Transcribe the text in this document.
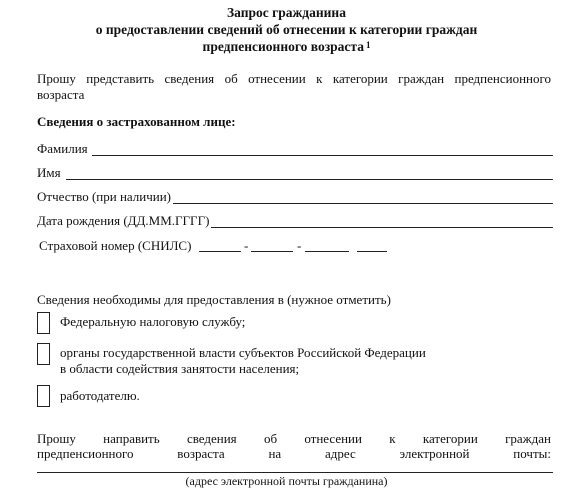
Запрос гражданина
о предоставлении сведений об отнесении к категории граждан
предпенсионного возраста $^1$
Прошу представить сведения об отнесении к категории граждан предпенсионного
возраста
Сведения о застрахованном лице:
Фамилия
Имя
Отчество (при наличии)
Дата рождения (ДД.ММ.ГГГГ)
Страховой номер (СНИЛС)	-	-
Сведения необходимы для предоставления в (нужное отметить)
Федеральную налоговую службу;
органы государственной власти субъектов Российской Федерации
в области содействия занятости населения;
работодателю.
Прошу направить сведения об отнесении к категории граждан
предпенсионного возраста на адрес электронной почты:
(адрес электронной почты гражданина)
